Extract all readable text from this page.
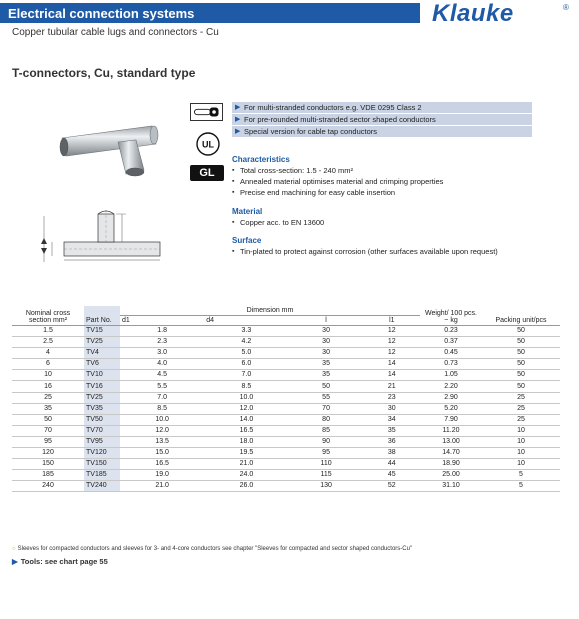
Electrical connection systems	Klauke	®
Copper tubular cable lugs and connectors - Cu
T-connectors, Cu, standard type

UL
GL
▶ For multi-stranded conductors e.g. VDE 0295 Class 2
▶ For pre-rounded multi-stranded sector shaped conductors
▶ Special version for cable tap conductors
Characteristics
▪ Total cross-section: 1.5 - 240 mm²
▪ Annealed material optimises material and crimping properties
▪ Precise end machining for easy cable insertion
Material
▪ Copper acc. to EN 13600
Surface
▪ Tin-plated to protect against corrosion (other surfaces available upon request)
Nominal cross section mm²	Part No.	Dimension mm				Weight/ 100 pcs. ~ kg	Packing unit/pcs
		d1	d4	l	l1		
1.5	TV15	1.8	3.3	30	12	0.23	50
2.5	TV25	2.3	4.2	30	12	0.37	50
4	TV4	3.0	5.0	30	12	0.45	50
6	TV6	4.0	6.0	35	14	0.73	50
10	TV10	4.5	7.0	35	14	1.05	50
16	TV16	5.5	8.5	50	21	2.20	50
25	TV25	7.0	10.0	55	23	2.90	25
35	TV35	8.5	12.0	70	30	5.20	25
50	TV50	10.0	14.0	80	34	7.90	25
70	TV70	12.0	16.5	85	35	11.20	10
95	TV95	13.5	18.0	90	36	13.00	10
120	TV120	15.0	19.5	95	38	14.70	10
150	TV150	16.5	21.0	110	44	18.90	10
185	TV185	19.0	24.0	115	45	25.00	5
240	TV240	21.0	26.0	130	52	31.10	5
○ Sleeves for compacted conductors and sleeves for 3- and 4-core conductors see chapter "Sleeves for compacted and sector shaped conductors-Cu"
▶ Tools: see chart page 55
